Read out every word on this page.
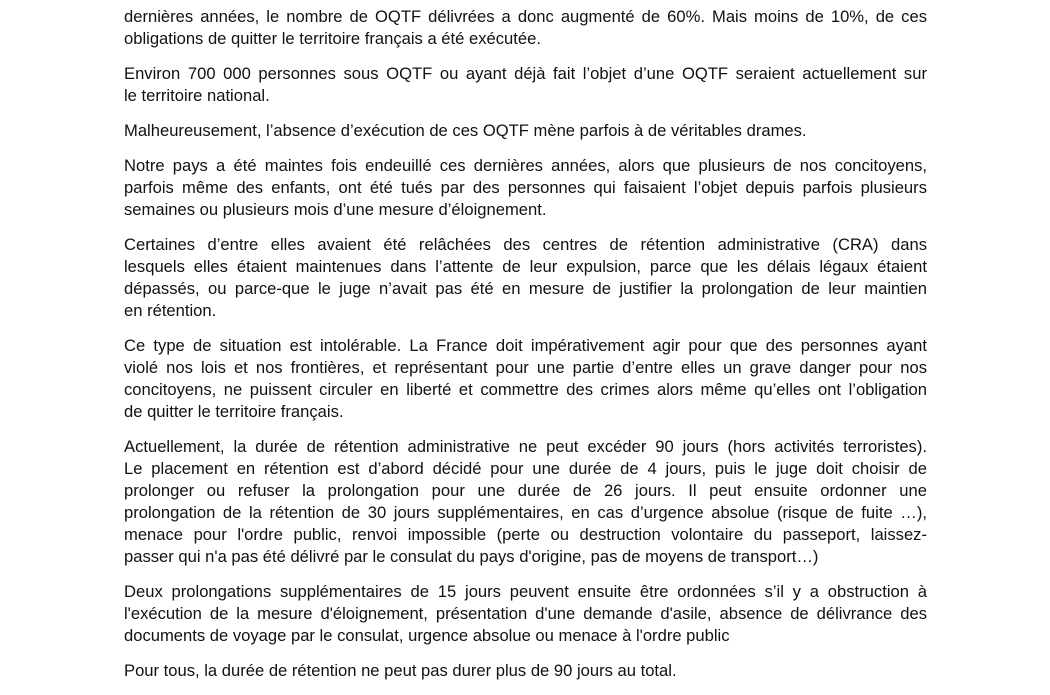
dernières années, le nombre de OQTF délivrées a donc augmenté de 60%. Mais moins de 10%, de ces
obligations de quitter le territoire français a été exécutée.
Environ 700 000 personnes sous OQTF ou ayant déjà fait l’objet d’une OQTF seraient actuellement sur
le territoire national.
Malheureusement, l’absence d’exécution de ces OQTF mène parfois à de véritables drames.
Notre pays a été maintes fois endeuillé ces dernières années, alors que plusieurs de nos concitoyens,
parfois même des enfants, ont été tués par des personnes qui faisaient l’objet depuis parfois plusieurs
semaines ou plusieurs mois d’une mesure d’éloignement.
Certaines d’entre elles avaient été relâchées des centres de rétention administrative (CRA) dans
lesquels elles étaient maintenues dans l’attente de leur expulsion, parce que les délais légaux étaient
dépassés, ou parce-que le juge n’avait pas été en mesure de justifier la prolongation de leur maintien
en rétention.
Ce type de situation est intolérable. La France doit impérativement agir pour que des personnes ayant
violé nos lois et nos frontières, et représentant pour une partie d’entre elles un grave danger pour nos
concitoyens, ne puissent circuler en liberté et commettre des crimes alors même qu’elles ont l’obligation
de quitter le territoire français.
Actuellement, la durée de rétention administrative ne peut excéder 90 jours (hors activités terroristes).
Le placement en rétention est d’abord décidé pour une durée de 4 jours, puis le juge doit choisir de
prolonger ou refuser la prolongation pour une durée de 26 jours. Il peut ensuite ordonner une
prolongation de la rétention de 30 jours supplémentaires, en cas d’urgence absolue (risque de fuite …),
menace pour l'ordre public, renvoi impossible (perte ou destruction volontaire du passeport, laissez-
passer qui n'a pas été délivré par le consulat du pays d'origine, pas de moyens de transport…)
Deux prolongations supplémentaires de 15 jours peuvent ensuite être ordonnées s’il y a obstruction à
l'exécution de la mesure d'éloignement, présentation d'une demande d'asile, absence de délivrance des
documents de voyage par le consulat, urgence absolue ou menace à l'ordre public
Pour tous, la durée de rétention ne peut pas durer plus de 90 jours au total.
